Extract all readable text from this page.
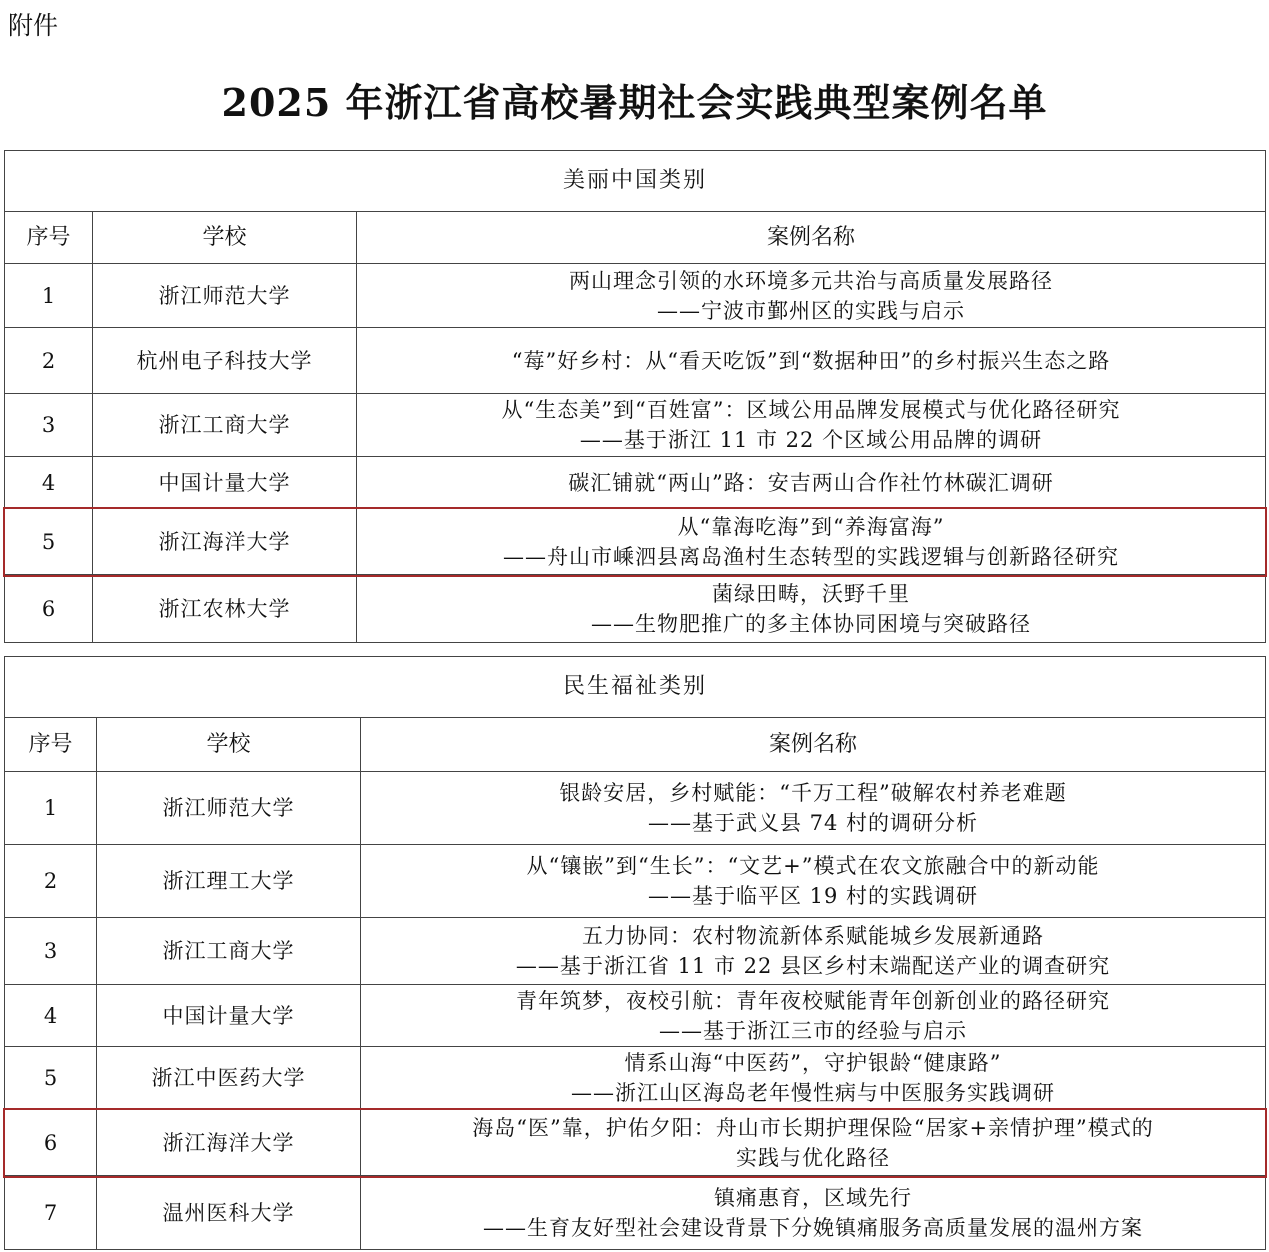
附件
2025 年浙江省高校暑期社会实践典型案例名单
美丽中国类别		
序号	学校	案例名称
1	浙江师范大学	两山理念引领的水环境多元共治与高质量发展路径
——宁波市鄞州区的实践与启示

2	杭州电子科技大学	“莓”好乡村：从“看天吃饭”到“数据种田”的乡村振兴生态之路

3	浙江工商大学	从“生态美”到“百姓富”：区域公用品牌发展模式与优化路径研究
——基于浙江 11 市 22 个区域公用品牌的调研

4	中国计量大学	碳汇铺就“两山”路：安吉两山合作社竹林碳汇调研

5	浙江海洋大学	从“靠海吃海”到“养海富海”
——舟山市嵊泗县离岛渔村生态转型的实践逻辑与创新路径研究

6	浙江农林大学	菌绿田畴，沃野千里
——生物肥推广的多主体协同困境与突破路径
民生福祉类别		
序号	学校	案例名称
1	浙江师范大学	银龄安居，乡村赋能：“千万工程”破解农村养老难题
——基于武义县 74 村的调研分析

2	浙江理工大学	从“镶嵌”到“生长”：“文艺+”模式在农文旅融合中的新动能
——基于临平区 19 村的实践调研

3	浙江工商大学	五力协同：农村物流新体系赋能城乡发展新通路
——基于浙江省 11 市 22 县区乡村末端配送产业的调查研究

4	中国计量大学	青年筑梦，夜校引航：青年夜校赋能青年创新创业的路径研究
——基于浙江三市的经验与启示

5	浙江中医药大学	情系山海“中医药”，守护银龄“健康路”
——浙江山区海岛老年慢性病与中医服务实践调研

6	浙江海洋大学	海岛“医”靠，护佑夕阳：舟山市长期护理保险“居家+亲情护理”模式的
实践与优化路径

7	温州医科大学	镇痛惠育，区域先行
——生育友好型社会建设背景下分娩镇痛服务高质量发展的温州方案
